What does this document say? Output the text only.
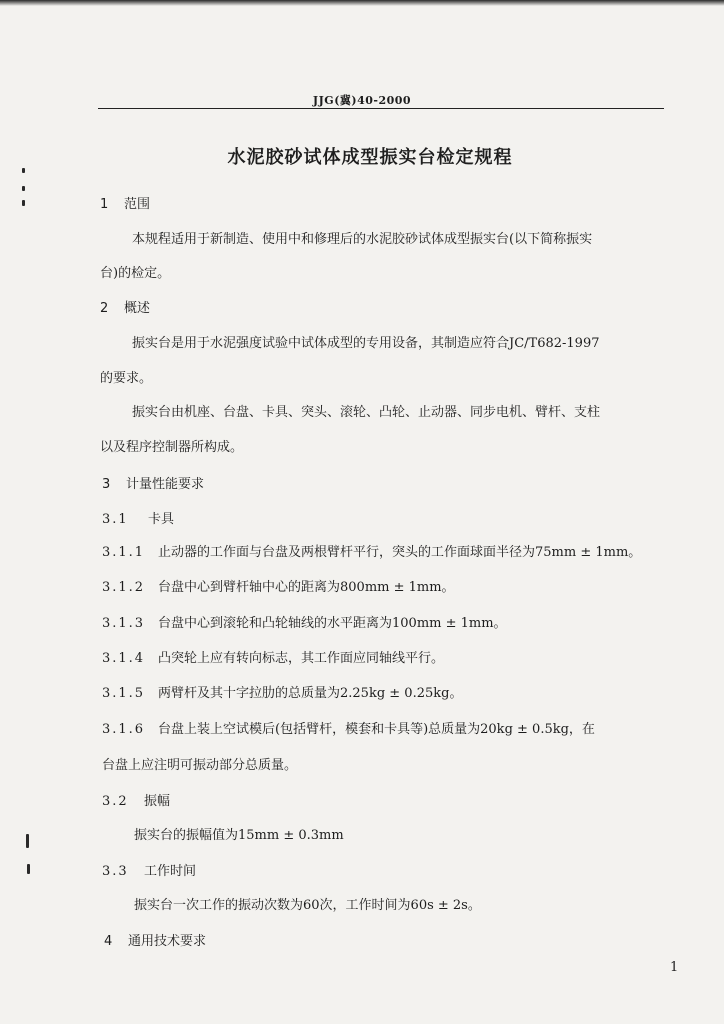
JJG(冀)40-2000
水泥胶砂试体成型振实台检定规程
1 范围
本规程适用于新制造、使用中和修理后的水泥胶砂试体成型振实台(以下简称振实
台)的检定。
2 概述
振实台是用于水泥强度试验中试体成型的专用设备，其制造应符合JC/T682-1997
的要求。
振实台由机座、台盘、卡具、突头、滚轮、凸轮、止动器、同步电机、臂杆、支柱
以及程序控制器所构成。
3 计量性能要求
3.1 卡具
3.1.1 止动器的工作面与台盘及两根臂杆平行，突头的工作面球面半径为75mm ± 1mm。
3.1.2 台盘中心到臂杆轴中心的距离为800mm ± 1mm。
3.1.3 台盘中心到滚轮和凸轮轴线的水平距离为100mm ± 1mm。
3.1.4 凸突轮上应有转向标志，其工作面应同轴线平行。
3.1.5 两臂杆及其十字拉肋的总质量为2.25kg ± 0.25kg。
3.1.6 台盘上装上空试模后(包括臂杆，模套和卡具等)总质量为20kg ± 0.5kg，在
台盘上应注明可振动部分总质量。
3.2 振幅
振实台的振幅值为15mm ± 0.3mm
3.3 工作时间
振实台一次工作的振动次数为60次，工作时间为60s ± 2s。
4 通用技术要求
1
